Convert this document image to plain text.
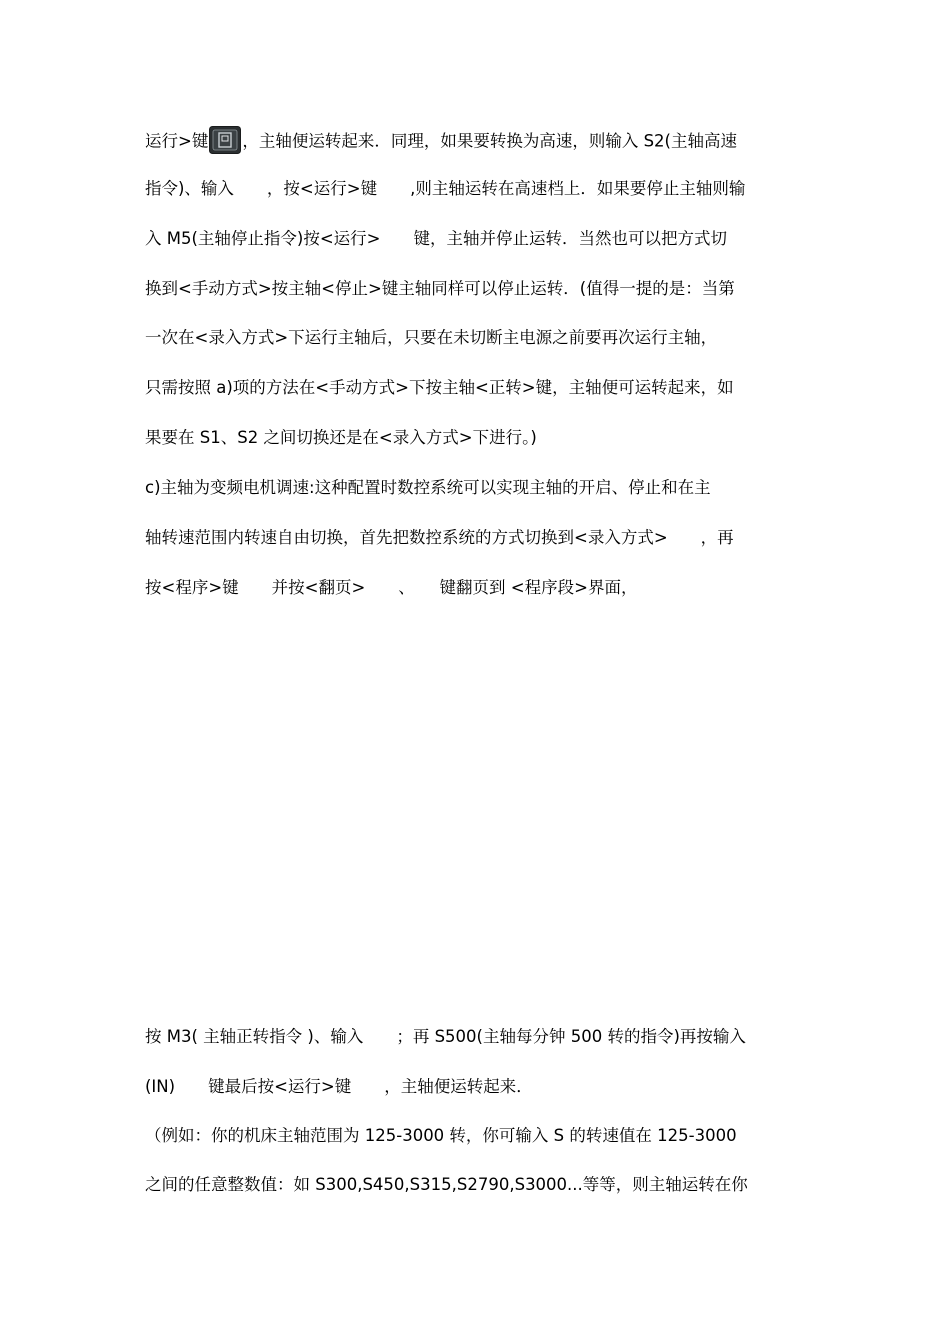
运行>键 ，主轴便运转起来．同理，如果要转换为高速，则输入 S2(主轴高速
指令)、输入　　，按<运行>键　　,则主轴运转在高速档上．如果要停止主轴则输
入 M5(主轴停止指令)按<运行>　　键，主轴并停止运转．当然也可以把方式切
换到<手动方式>按主轴<停止>键主轴同样可以停止运转．(值得一提的是：当第
一次在<录入方式>下运行主轴后，只要在未切断主电源之前要再次运行主轴，
只需按照 a)项的方法在<手动方式>下按主轴<正转>键，主轴便可运转起来，如
果要在 S1、S2 之间切换还是在<录入方式>下进行。)
c)主轴为变频电机调速:这种配置时数控系统可以实现主轴的开启、停止和在主
轴转速范围内转速自由切换，首先把数控系统的方式切换到<录入方式>　　，再
按<程序>键　　并按<翻页>　　、　　键翻页到 <程序段>界面，
按 M3( 主轴正转指令 )、输入　　；再 S500(主轴每分钟 500 转的指令)再按输入
(IN)　　键最后按<运行>键　　，主轴便运转起来．
（例如：你的机床主轴范围为 125-3000 转，你可输入 S 的转速值在 125-3000
之间的任意整数值：如 S300,S450,S315,S2790,S3000...等等，则主轴运转在你
